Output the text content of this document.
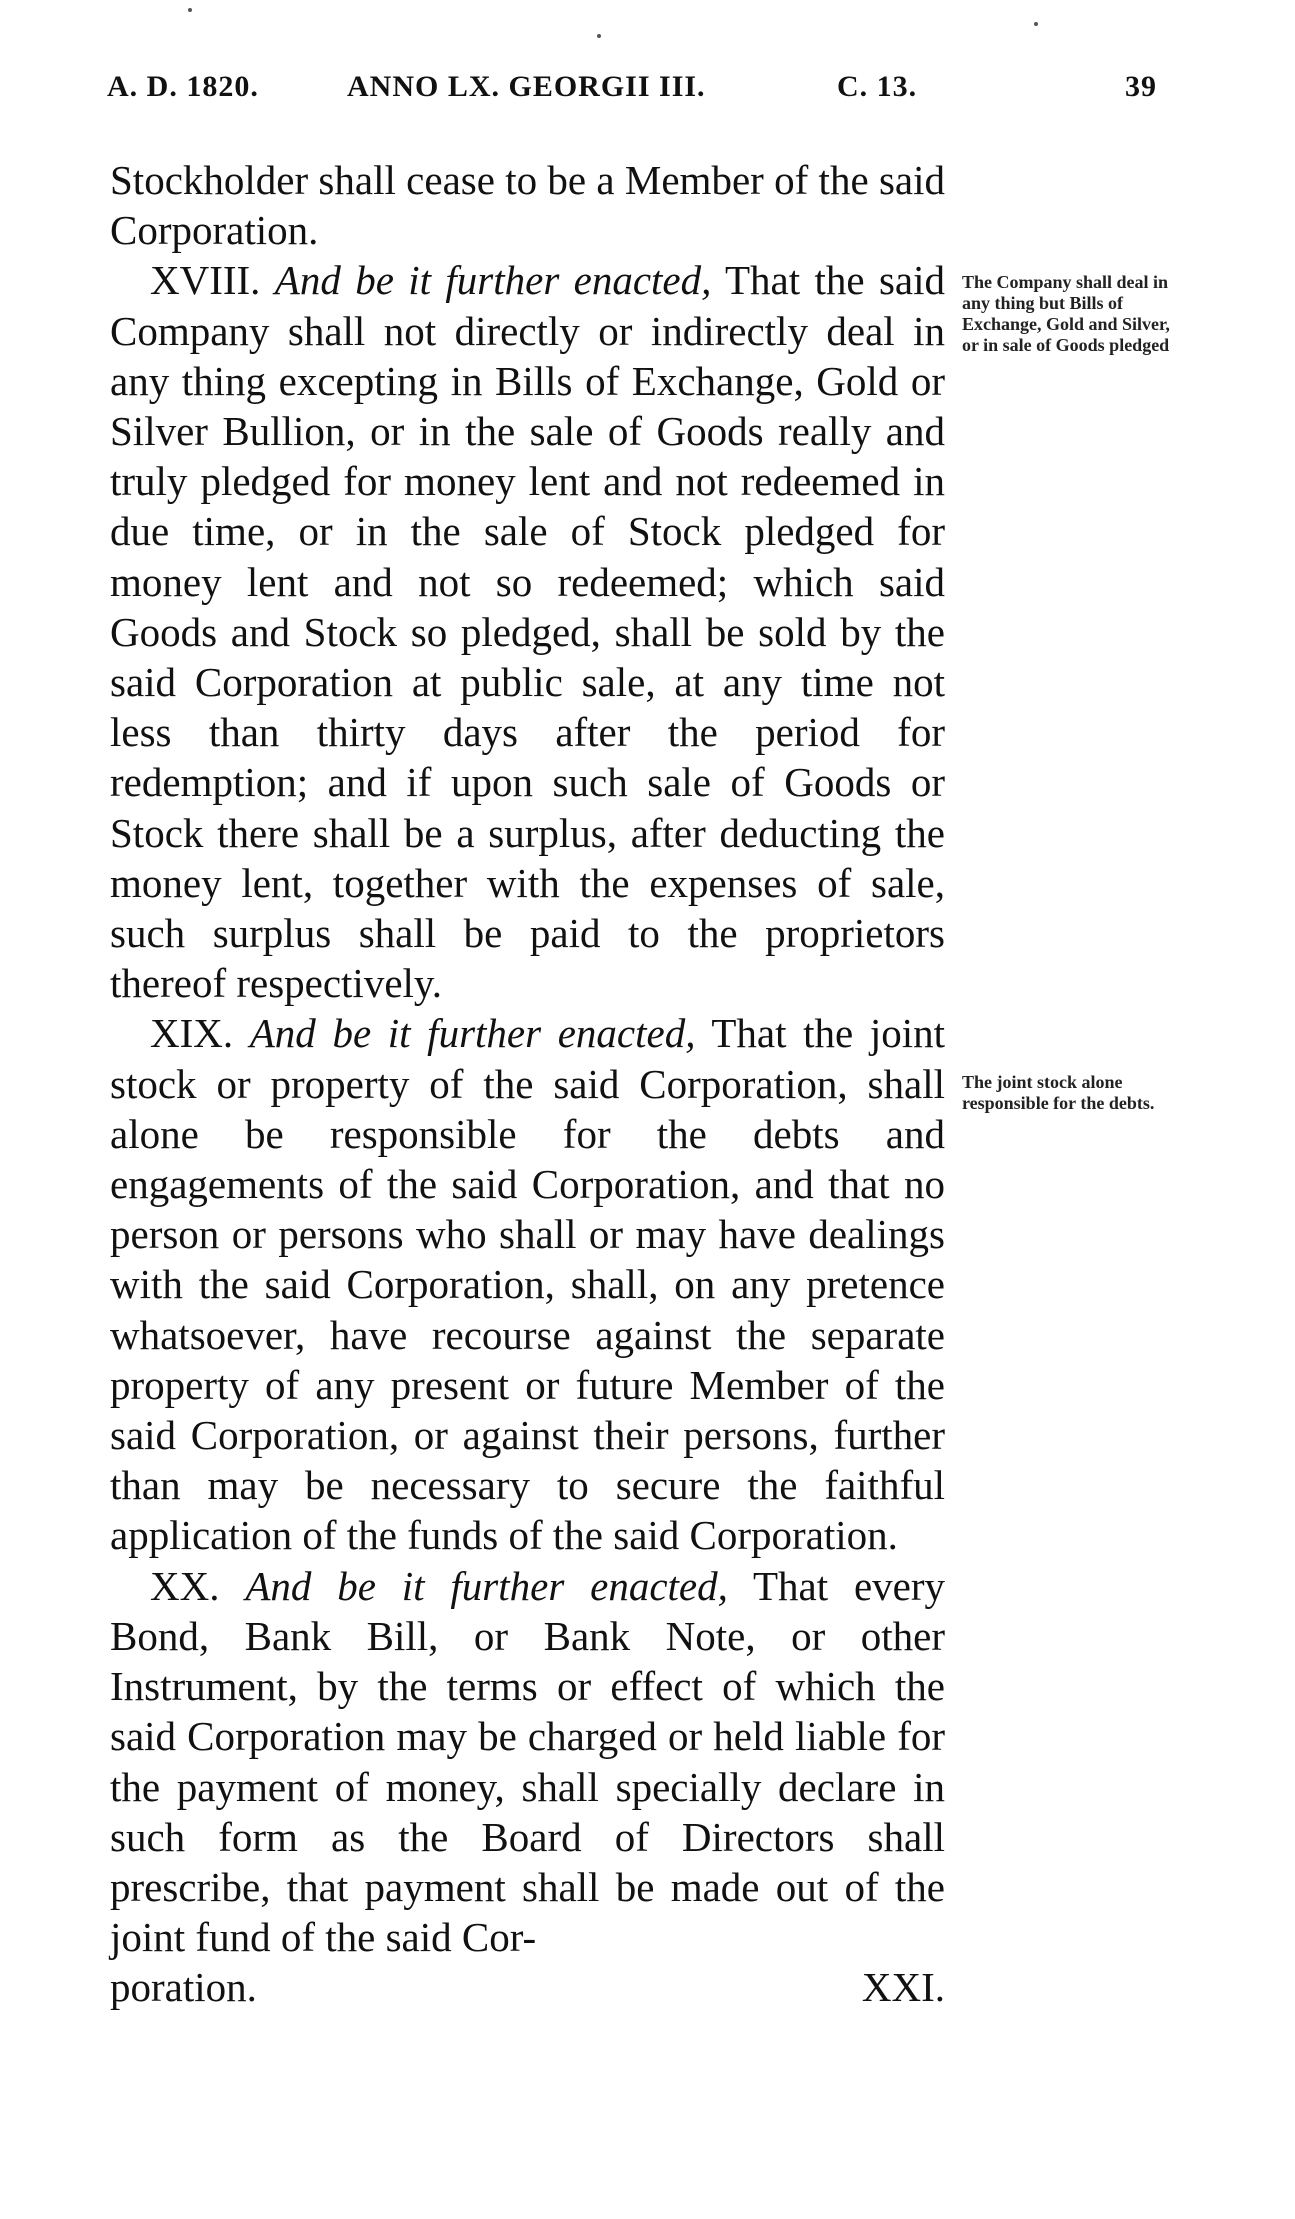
A. D. 1820.	ANNO LX. GEORGII III.	C. 13.	39

Stockholder shall cease to be a Member of the said Corporation.

XVIII. And be it further enacted, That the said Company shall not directly or indirectly deal in any thing excepting in Bills of Exchange, Gold or Silver Bullion, or in the sale of Goods really and truly pledged for money lent and not redeemed in due time, or in the sale of Stock pledged for money lent and not so redeemed; which said Goods and Stock so pledged, shall be sold by the said Corporation at public sale, at any time not less than thirty days after the period for redemption; and if upon such sale of Goods or Stock there shall be a surplus, after deducting the money lent, together with the expenses of sale, such surplus shall be paid to the proprietors thereof respectively.

XIX. And be it further enacted, That the joint stock or property of the said Corporation, shall alone be responsible for the debts and engagements of the said Corporation, and that no person or persons who shall or may have dealings with the said Corporation, shall, on any pretence whatsoever, have recourse against the separate property of any present or future Member of the said Corporation, or against their persons, further than may be necessary to secure the faithful application of the funds of the said Corporation.

XX. And be it further enacted, That every Bond, Bank Bill, or Bank Note, or other Instrument, by the terms or effect of which the said Corporation may be charged or held liable for the payment of money, shall specially declare in such form as the Board of Directors shall prescribe, that payment shall be made out of the joint fund of the said Cor-

poration.	XXI.
The Company shall deal in any thing but Bills of Exchange, Gold and Silver, or in sale of Goods pledged
The joint stock alone responsible for the debts.
